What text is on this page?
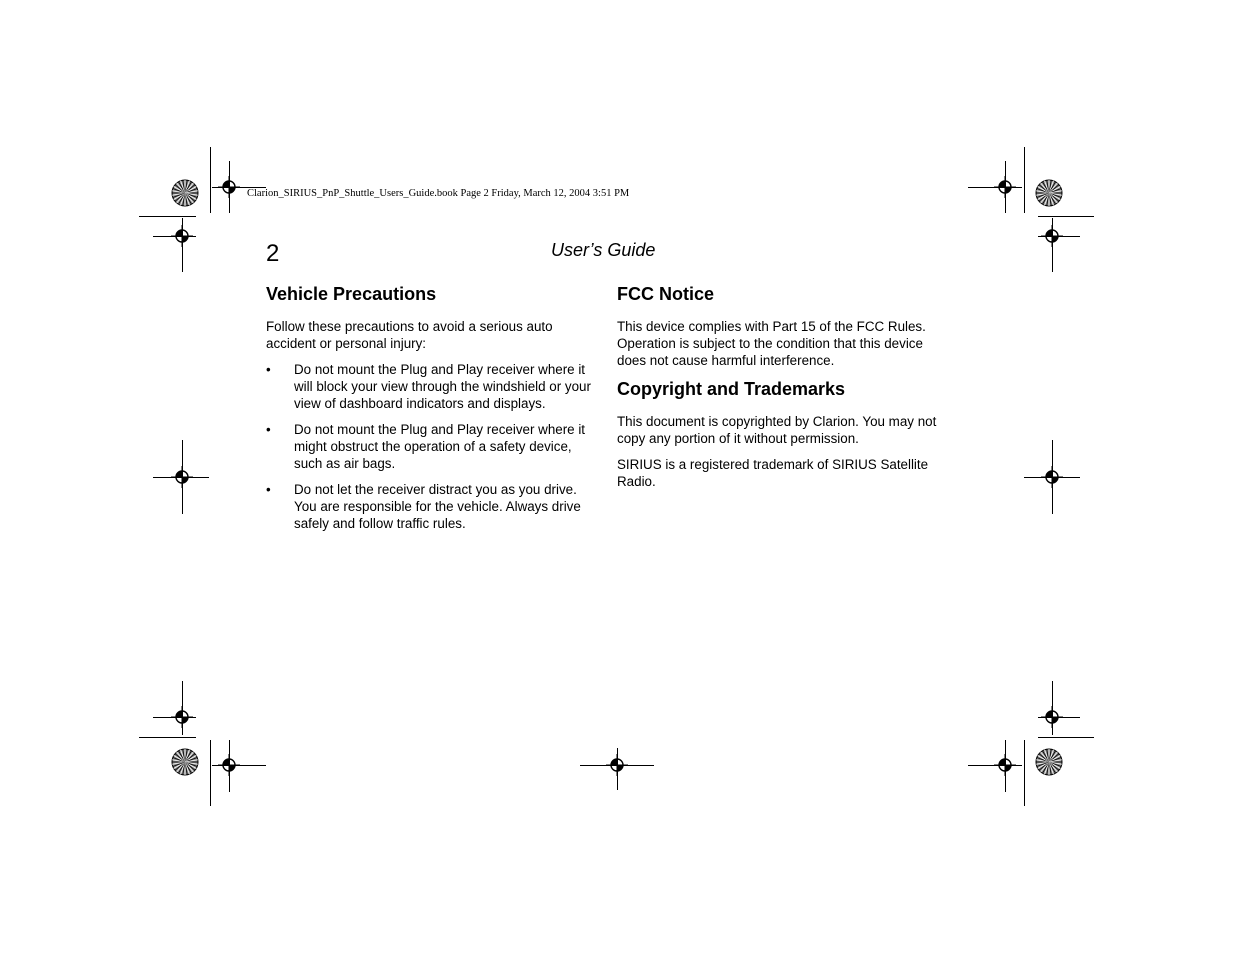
Clarion_SIRIUS_PnP_Shuttle_Users_Guide.book Page 2 Friday, March 12, 2004 3:51 PM
2	User’s Guide
Vehicle Precautions

Follow these precautions to avoid a serious auto accident or personal injury:

• Do not mount the Plug and Play receiver where it will block your view through the windshield or your view of dashboard indicators and displays.
• Do not mount the Plug and Play receiver where it might obstruct the operation of a safety device, such as air bags.
• Do not let the receiver distract you as you drive. You are responsible for the vehicle. Always drive safely and follow traffic rules.
FCC Notice

This device complies with Part 15 of the FCC Rules. Operation is subject to the condition that this device does not cause harmful interference.

Copyright and Trademarks

This document is copyrighted by Clarion. You may not copy any portion of it without permission.

SIRIUS is a registered trademark of SIRIUS Satellite Radio.
